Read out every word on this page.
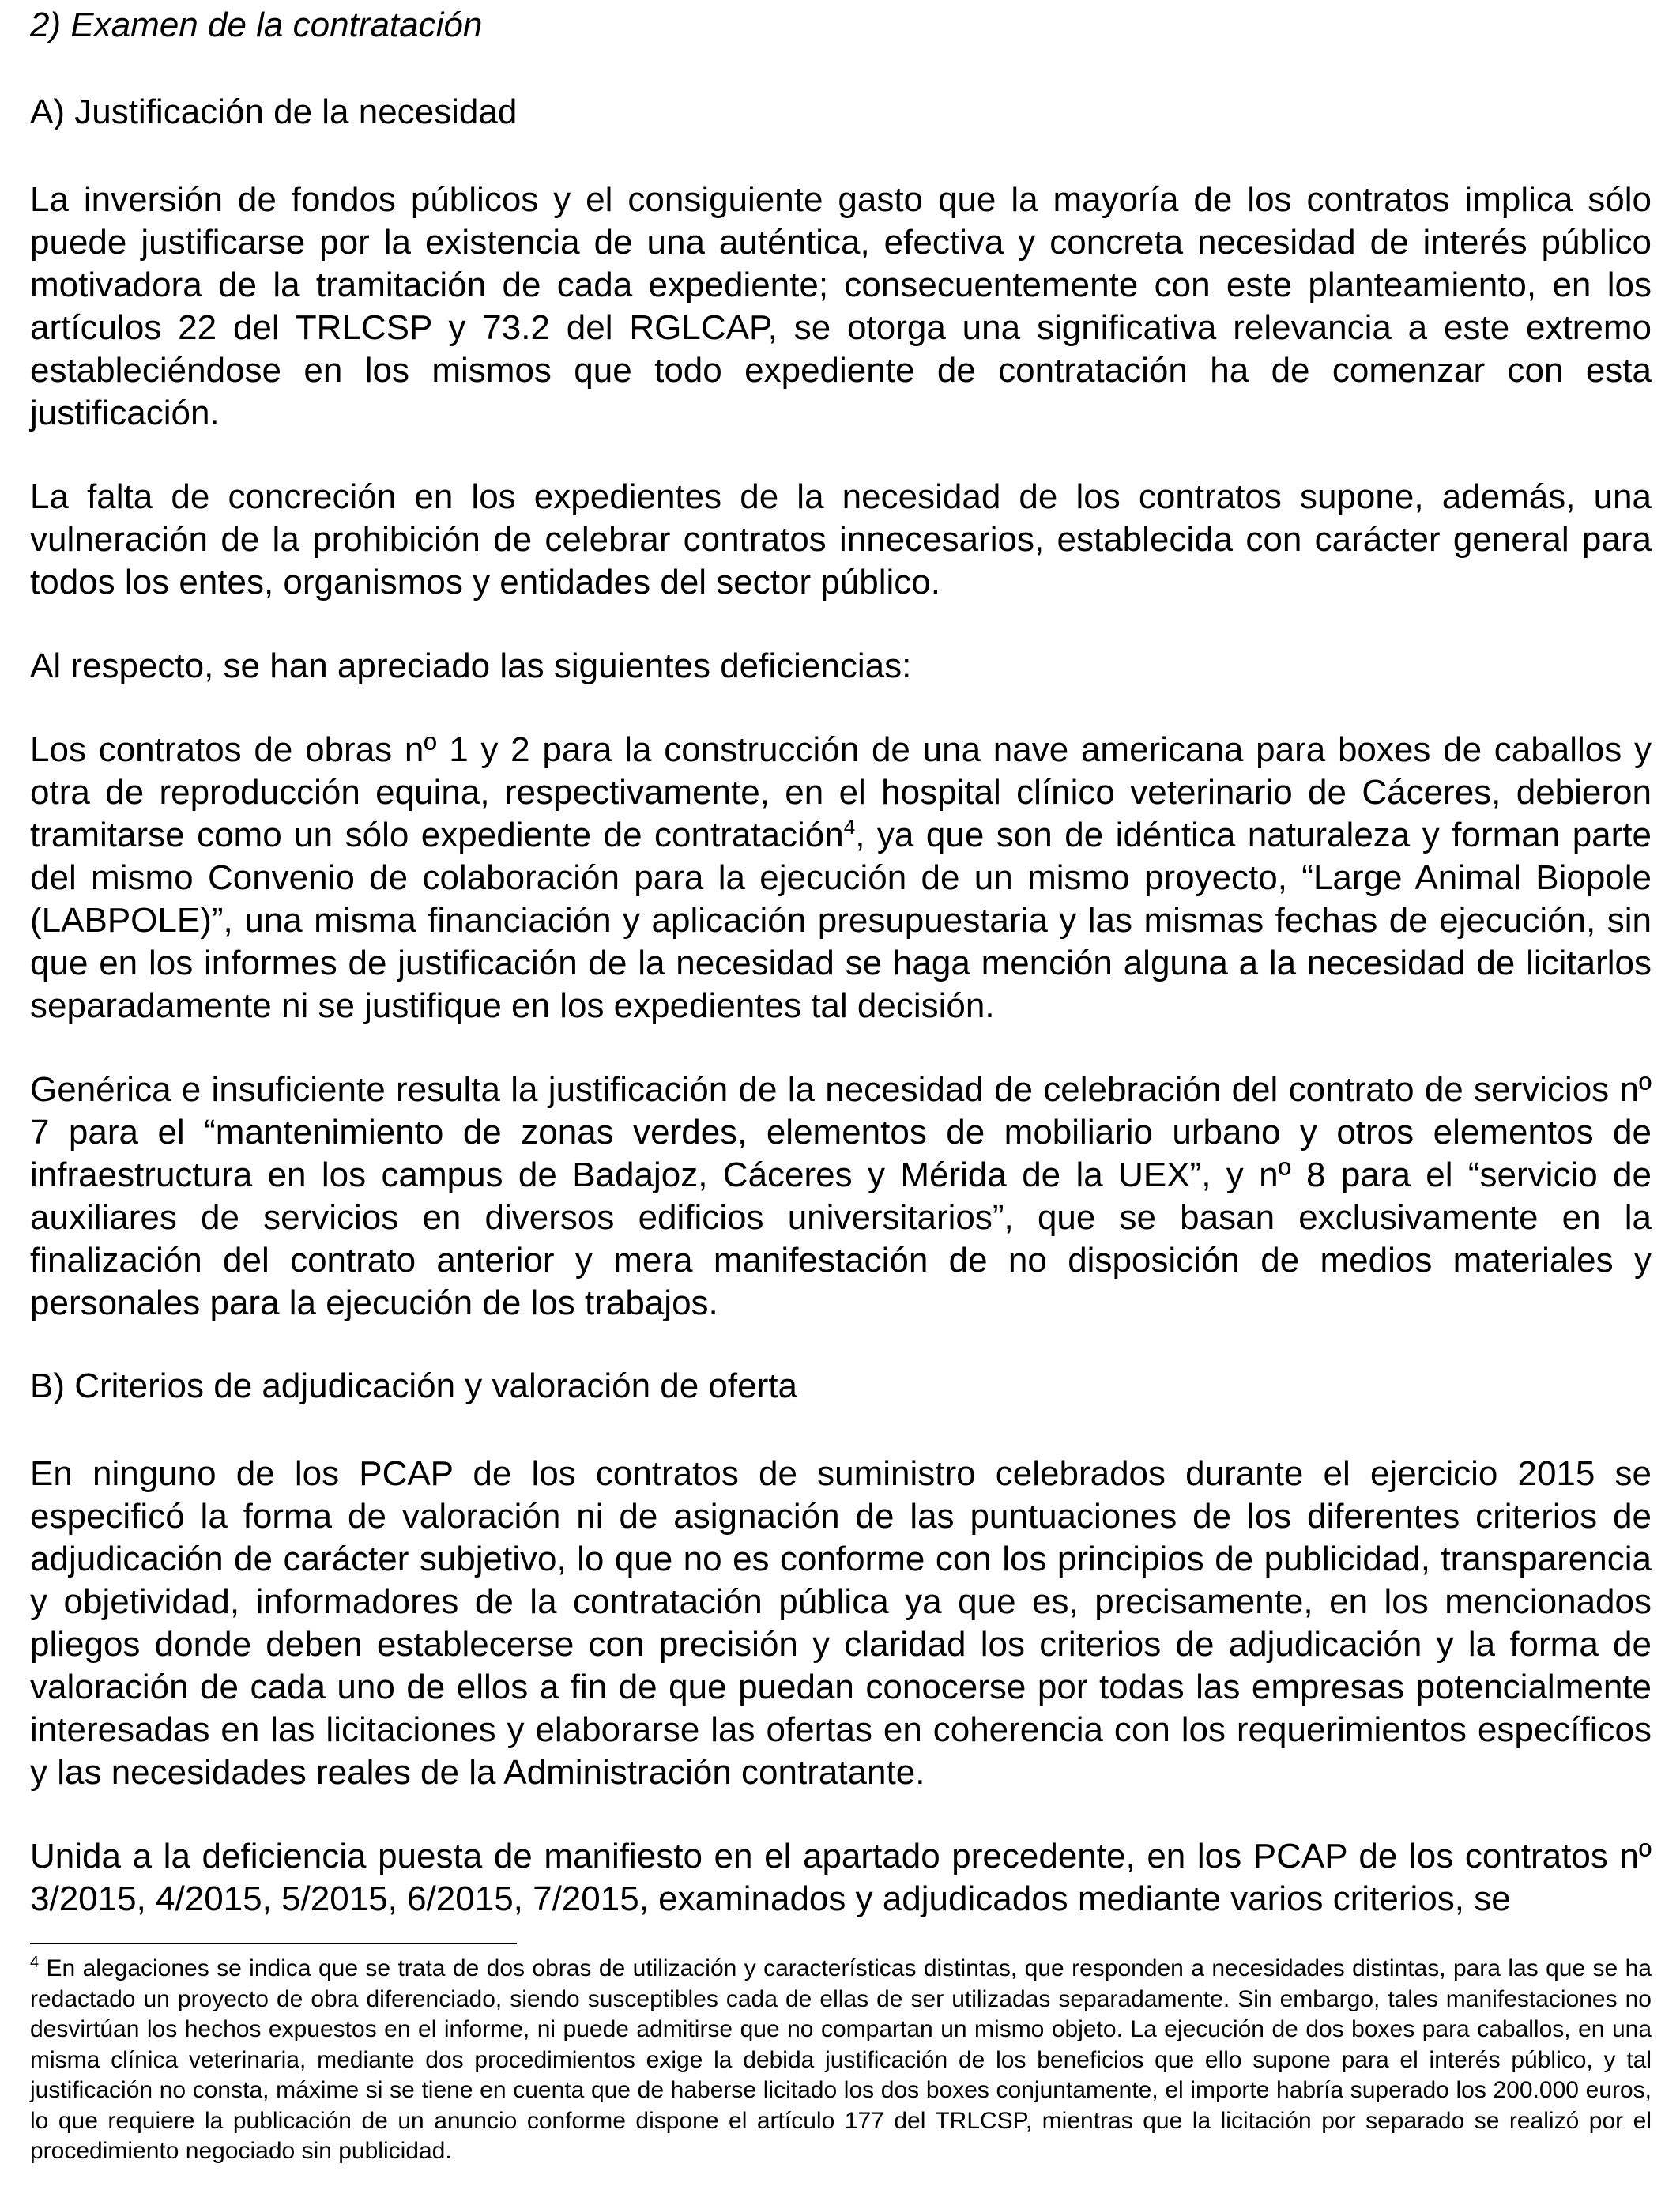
2) Examen de la contratación
A) Justificación de la necesidad

La inversión de fondos públicos y el consiguiente gasto que la mayoría de los contratos implica sólo puede justificarse por la existencia de una auténtica, efectiva y concreta necesidad de interés público motivadora de la tramitación de cada expediente; consecuentemente con este planteamiento, en los artículos 22 del TRLCSP y 73.2 del RGLCAP, se otorga una significativa relevancia a este extremo estableciéndose en los mismos que todo expediente de contratación ha de comenzar con esta justificación.

La falta de concreción en los expedientes de la necesidad de los contratos supone, además, una vulneración de la prohibición de celebrar contratos innecesarios, establecida con carácter general para todos los entes, organismos y entidades del sector público.

Al respecto, se han apreciado las siguientes deficiencias:

Los contratos de obras nº 1 y 2 para la construcción de una nave americana para boxes de caballos y otra de reproducción equina, respectivamente, en el hospital clínico veterinario de Cáceres, debieron tramitarse como un sólo expediente de contratación$^4$, ya que son de idéntica naturaleza y forman parte del mismo Convenio de colaboración para la ejecución de un mismo proyecto, “Large Animal Biopole (LABPOLE)”, una misma financiación y aplicación presupuestaria y las mismas fechas de ejecución, sin que en los informes de justificación de la necesidad se haga mención alguna a la necesidad de licitarlos separadamente ni se justifique en los expedientes tal decisión.

Genérica e insuficiente resulta la justificación de la necesidad de celebración del contrato de servicios nº 7 para el “mantenimiento de zonas verdes, elementos de mobiliario urbano y otros elementos de infraestructura en los campus de Badajoz, Cáceres y Mérida de la UEX”, y nº 8 para el “servicio de auxiliares de servicios en diversos edificios universitarios”, que se basan exclusivamente en la finalización del contrato anterior y mera manifestación de no disposición de medios materiales y personales para la ejecución de los trabajos.

B) Criterios de adjudicación y valoración de oferta

En ninguno de los PCAP de los contratos de suministro celebrados durante el ejercicio 2015 se especificó la forma de valoración ni de asignación de las puntuaciones de los diferentes criterios de adjudicación de carácter subjetivo, lo que no es conforme con los principios de publicidad, transparencia y objetividad, informadores de la contratación pública ya que es, precisamente, en los mencionados pliegos donde deben establecerse con precisión y claridad los criterios de adjudicación y la forma de valoración de cada uno de ellos a fin de que puedan conocerse por todas las empresas potencialmente interesadas en las licitaciones y elaborarse las ofertas en coherencia con los requerimientos específicos y las necesidades reales de la Administración contratante.

Unida a la deficiencia puesta de manifiesto en el apartado precedente, en los PCAP de los contratos nº 3/2015, 4/2015, 5/2015, 6/2015, 7/2015, examinados y adjudicados mediante varios criterios, se

$^4$ En alegaciones se indica que se trata de dos obras de utilización y características distintas, que responden a necesidades distintas, para las que se ha redactado un proyecto de obra diferenciado, siendo susceptibles cada de ellas de ser utilizadas separadamente. Sin embargo, tales manifestaciones no desvirtúan los hechos expuestos en el informe, ni puede admitirse que no compartan un mismo objeto. La ejecución de dos boxes para caballos, en una misma clínica veterinaria, mediante dos procedimientos exige la debida justificación de los beneficios que ello supone para el interés público, y tal justificación no consta, máxime si se tiene en cuenta que de haberse licitado los dos boxes conjuntamente, el importe habría superado los 200.000 euros, lo que requiere la publicación de un anuncio conforme dispone el artículo 177 del TRLCSP, mientras que la licitación por separado se realizó por el procedimiento negociado sin publicidad.
